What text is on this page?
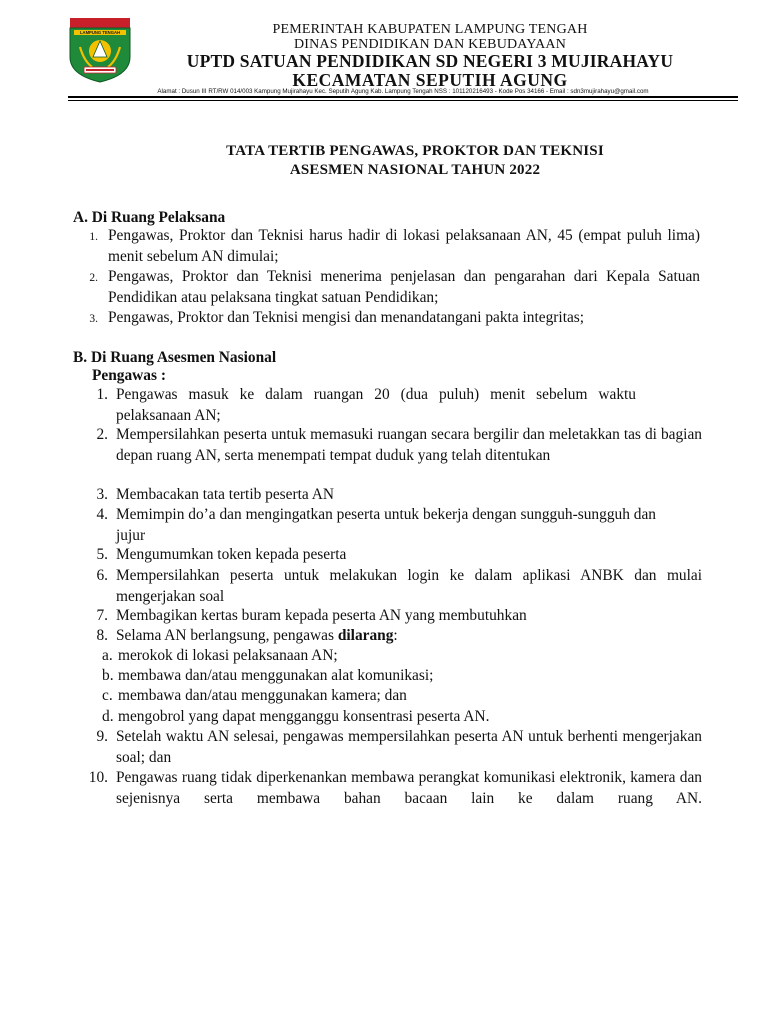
LAMPUNG TENGAH	PEMERINTAH KABUPATEN LAMPUNG TENGAH
DINAS PENDIDIKAN DAN KEBUDAYAAN
UPTD SATUAN PENDIDIKAN SD NEGERI 3 MUJIRAHAYU
KECAMATAN SEPUTIH AGUNG
Alamat : Dusun III RT/RW 014/003 Kampung Mujirahayu Kec. Seputih Agung Kab. Lampung Tengah NSS : 101120216493 - Kode Pos 34166 - Email : sdn3mujirahayu@gmail.com
TATA TERTIB PENGAWAS, PROKTOR DAN TEKNISI
ASESMEN NASIONAL TAHUN 2022
A. Di Ruang Pelaksana
1. Pengawas, Proktor dan Teknisi harus hadir di lokasi pelaksanaan AN, 45 (empat puluh lima) menit sebelum AN dimulai;
2. Pengawas, Proktor dan Teknisi menerima penjelasan dan pengarahan dari Kepala Satuan Pendidikan atau pelaksana tingkat satuan Pendidikan;
3. Pengawas, Proktor dan Teknisi mengisi dan menandatangani pakta integritas;
B. Di Ruang Asesmen Nasional
Pengawas :
1. Pengawas masuk ke dalam ruangan 20 (dua puluh) menit sebelum waktu pelaksanaan AN;
2. Mempersilahkan peserta untuk memasuki ruangan secara bergilir dan meletakkan tas di bagian depan ruang AN, serta menempati tempat duduk yang telah ditentukan
3. Membacakan tata tertib peserta AN
4. Memimpin do’a dan mengingatkan peserta untuk bekerja dengan sungguh-sungguh dan jujur
5. Mengumumkan token kepada peserta
6. Mempersilahkan peserta untuk melakukan login ke dalam aplikasi ANBK dan mulai mengerjakan soal
7. Membagikan kertas buram kepada peserta AN yang membutuhkan
8. Selama AN berlangsung, pengawas dilarang:
a. merokok di lokasi pelaksanaan AN;
b. membawa dan/atau menggunakan alat komunikasi;
c. membawa dan/atau menggunakan kamera; dan
d. mengobrol yang dapat mengganggu konsentrasi peserta AN.
9. Setelah waktu AN selesai, pengawas mempersilahkan peserta AN untuk berhenti mengerjakan soal; dan
10. Pengawas ruang tidak diperkenankan membawa perangkat komunikasi elektronik, kamera dan sejenisnya serta membawa bahan bacaan lain ke dalam ruang AN.
